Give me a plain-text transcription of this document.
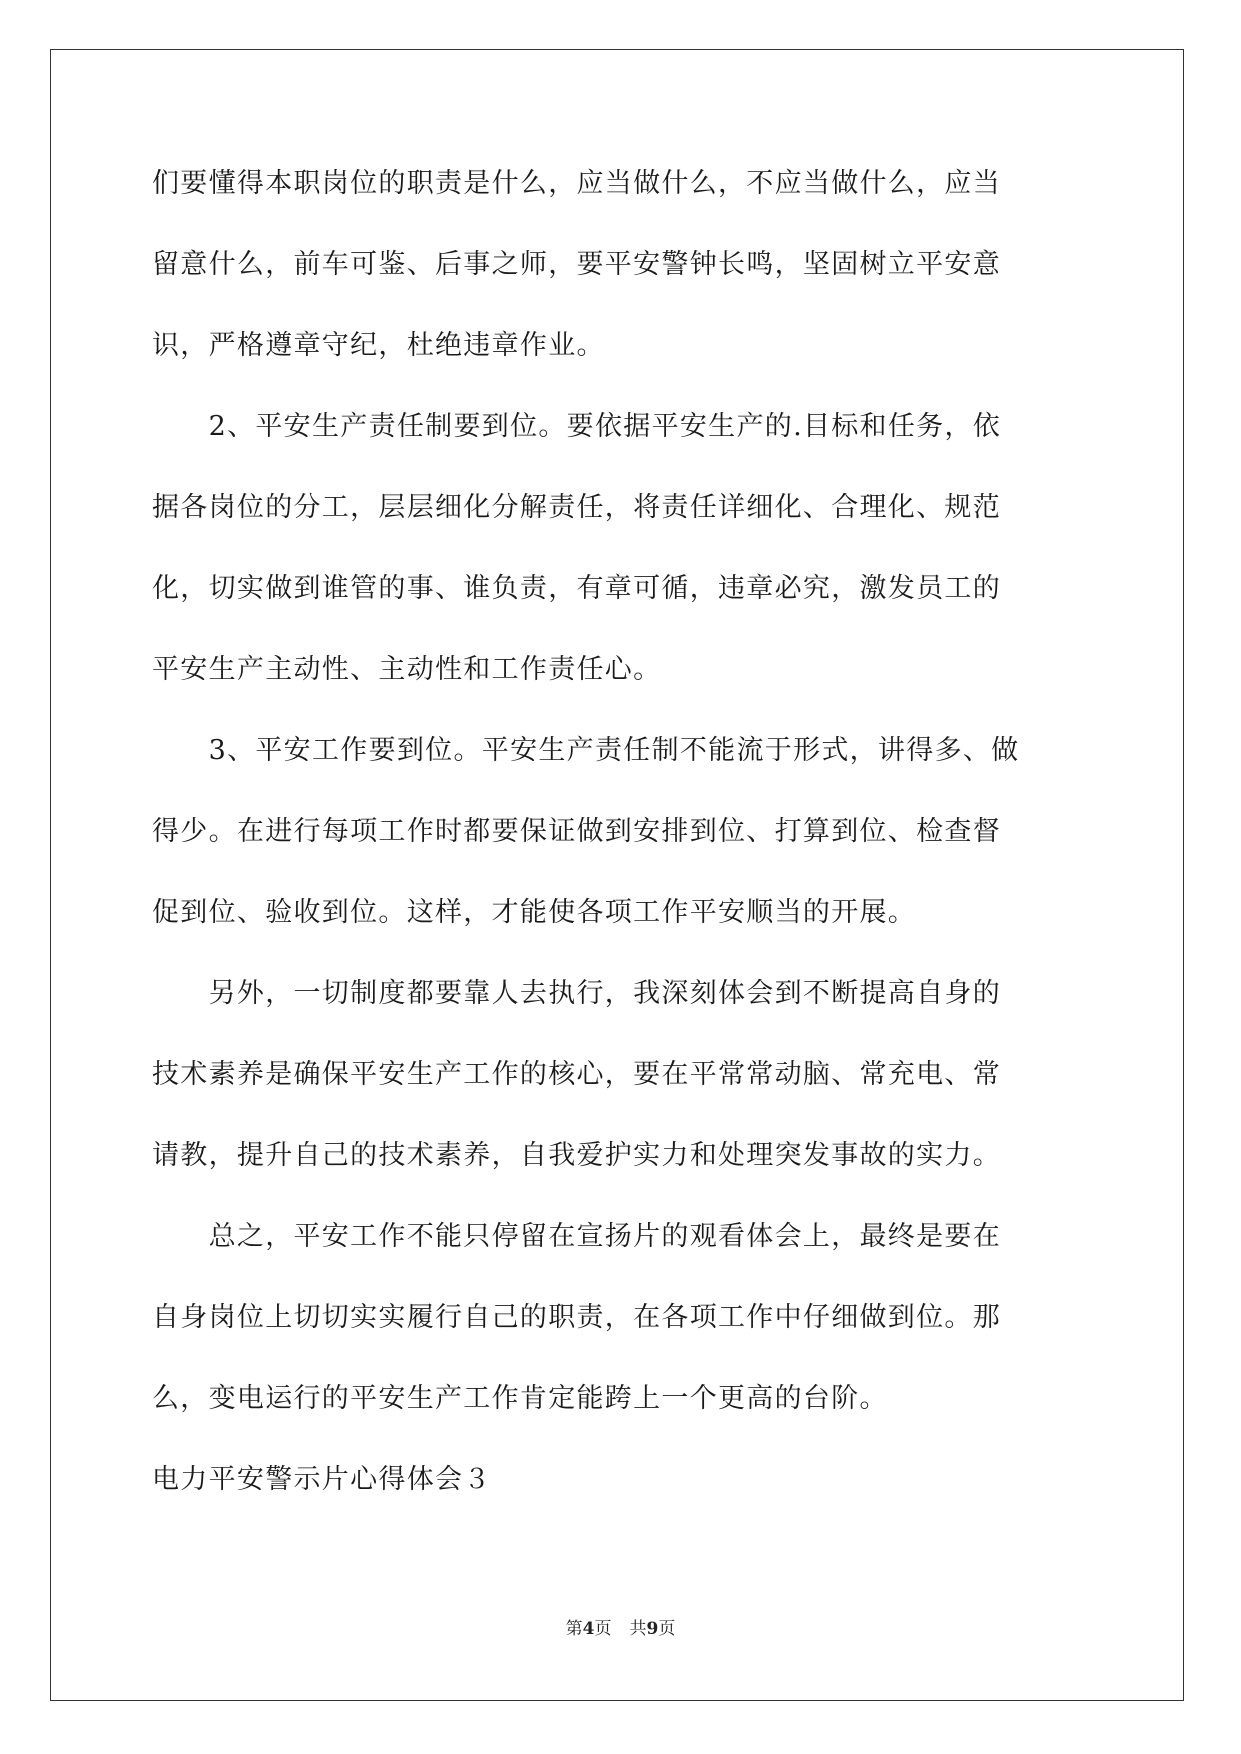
们要懂得本职岗位的职责是什么，应当做什么，不应当做什么，应当
留意什么，前车可鉴、后事之师，要平安警钟长鸣，坚固树立平安意
识，严格遵章守纪，杜绝违章作业。
　　2、平安生产责任制要到位。要依据平安生产的.目标和任务，依
据各岗位的分工，层层细化分解责任，将责任详细化、合理化、规范
化，切实做到谁管的事、谁负责，有章可循，违章必究，激发员工的
平安生产主动性、主动性和工作责任心。
　　3、平安工作要到位。平安生产责任制不能流于形式，讲得多、做
得少。在进行每项工作时都要保证做到安排到位、打算到位、检查督
促到位、验收到位。这样，才能使各项工作平安顺当的开展。
　　另外，一切制度都要靠人去执行，我深刻体会到不断提高自身的
技术素养是确保平安生产工作的核心，要在平常常动脑、常充电、常
请教，提升自己的技术素养，自我爱护实力和处理突发事故的实力。
　　总之，平安工作不能只停留在宣扬片的观看体会上，最终是要在
自身岗位上切切实实履行自己的职责，在各项工作中仔细做到位。那
么，变电运行的平安生产工作肯定能跨上一个更高的台阶。
电力平安警示片心得体会３
第4页 共9页
